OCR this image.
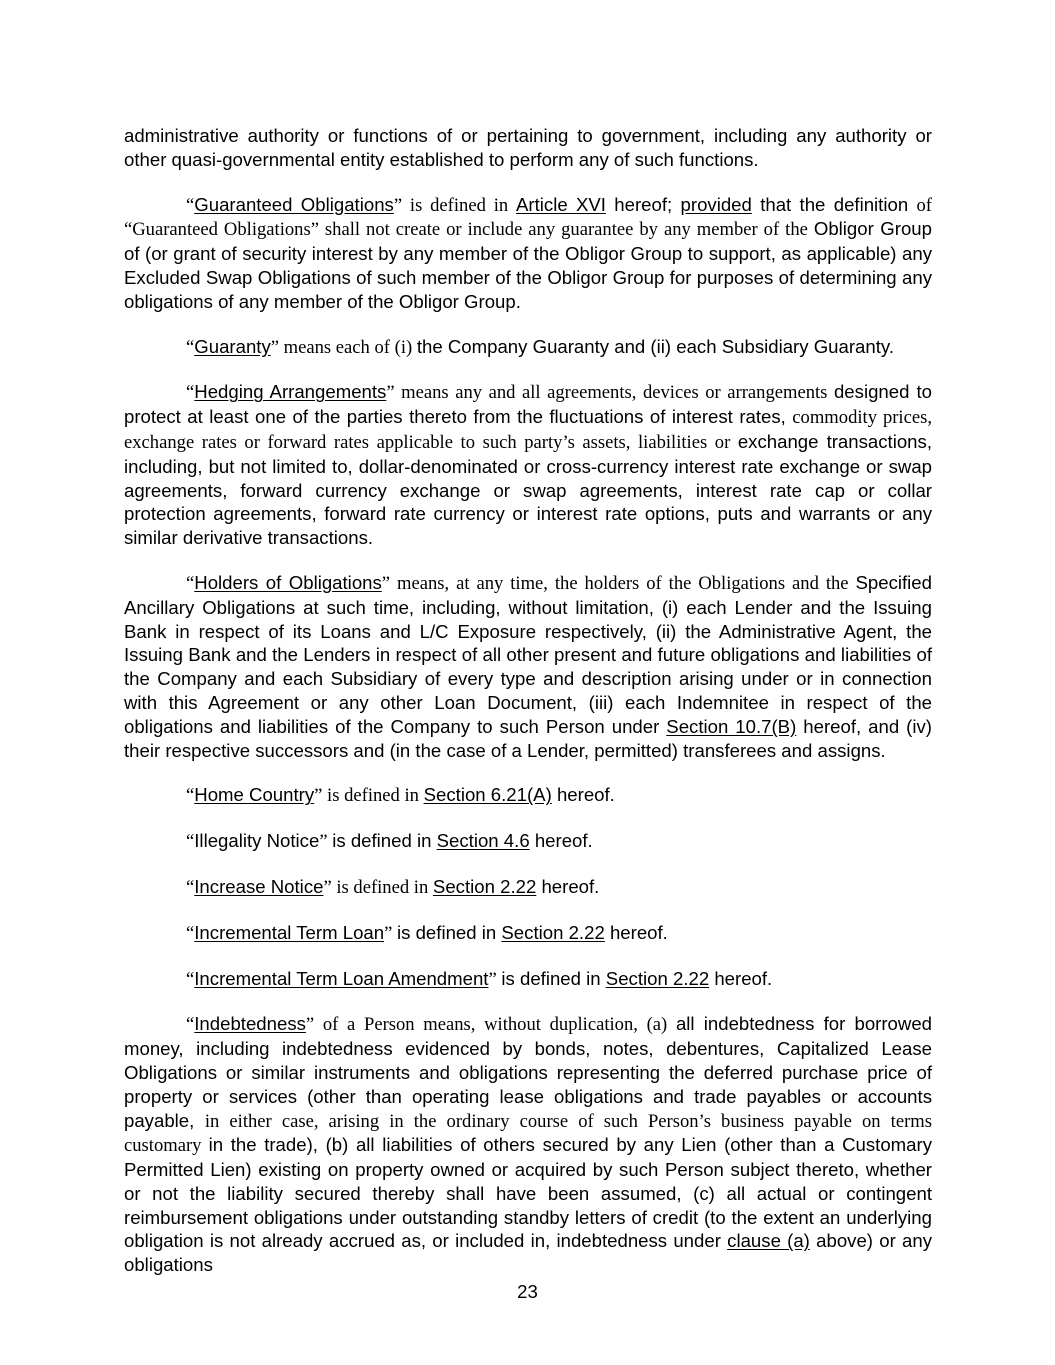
administrative authority or functions of or pertaining to government, including any authority or other quasi-governmental entity established to perform any of such functions.

“Guaranteed Obligations” is defined in Article XVI hereof; provided that the definition of “Guaranteed Obligations” shall not create or include any guarantee by any member of the Obligor Group of (or grant of security interest by any member of the Obligor Group to support, as applicable) any Excluded Swap Obligations of such member of the Obligor Group for purposes of determining any obligations of any member of the Obligor Group.

“Guaranty” means each of (i) the Company Guaranty and (ii) each Subsidiary Guaranty.

“Hedging Arrangements” means any and all agreements, devices or arrangements designed to protect at least one of the parties thereto from the fluctuations of interest rates, commodity prices, exchange rates or forward rates applicable to such party’s assets, liabilities or exchange transactions, including, but not limited to, dollar-denominated or cross-currency interest rate exchange or swap agreements, forward currency exchange or swap agreements, interest rate cap or collar protection agreements, forward rate currency or interest rate options, puts and warrants or any similar derivative transactions.

“Holders of Obligations” means, at any time, the holders of the Obligations and the Specified Ancillary Obligations at such time, including, without limitation, (i) each Lender and the Issuing Bank in respect of its Loans and L/C Exposure respectively, (ii) the Administrative Agent, the Issuing Bank and the Lenders in respect of all other present and future obligations and liabilities of the Company and each Subsidiary of every type and description arising under or in connection with this Agreement or any other Loan Document, (iii) each Indemnitee in respect of the obligations and liabilities of the Company to such Person under Section 10.7(B) hereof, and (iv) their respective successors and (in the case of a Lender, permitted) transferees and assigns.

“Home Country” is defined in Section 6.21(A) hereof.

“Illegality Notice” is defined in Section 4.6 hereof.

“Increase Notice” is defined in Section 2.22 hereof.

“Incremental Term Loan” is defined in Section 2.22 hereof.

“Incremental Term Loan Amendment” is defined in Section 2.22 hereof.

“Indebtedness” of a Person means, without duplication, (a) all indebtedness for borrowed money, including indebtedness evidenced by bonds, notes, debentures, Capitalized Lease Obligations or similar instruments and obligations representing the deferred purchase price of property or services (other than operating lease obligations and trade payables or accounts payable, in either case, arising in the ordinary course of such Person’s business payable on terms customary in the trade), (b) all liabilities of others secured by any Lien (other than a Customary Permitted Lien) existing on property owned or acquired by such Person subject thereto, whether or not the liability secured thereby shall have been assumed, (c) all actual or contingent reimbursement obligations under outstanding standby letters of credit (to the extent an underlying obligation is not already accrued as, or included in, indebtedness under clause (a) above) or any obligations

23
